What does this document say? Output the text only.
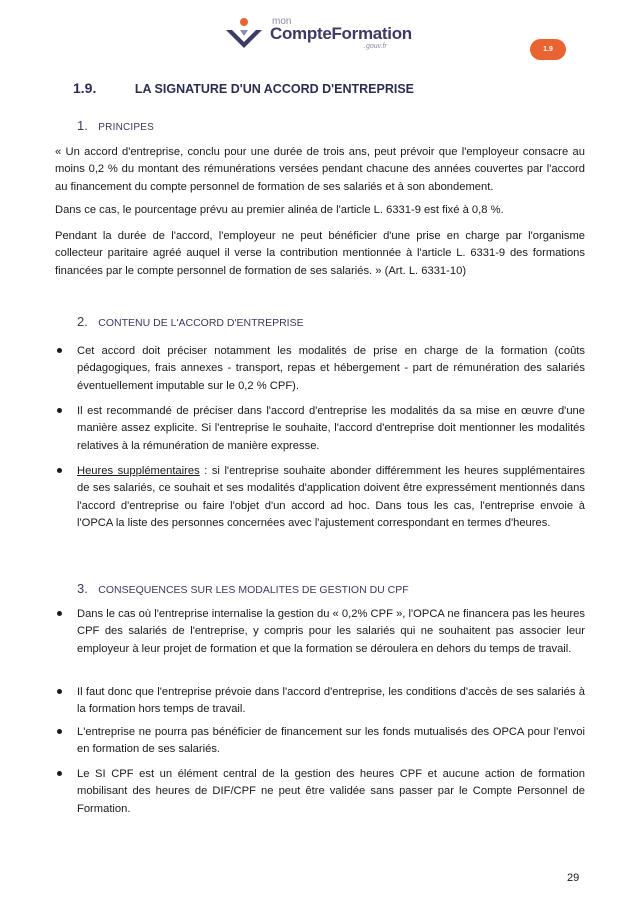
mon
CompteFormation
.gouv.fr	1.9
1.9.	LA SIGNATURE D'UN ACCORD D'ENTREPRISE
1. PRINCIPES

« Un accord d'entreprise, conclu pour une durée de trois ans, peut prévoir que l'employeur consacre au moins 0,2 % du montant des rémunérations versées pendant chacune des années couvertes par l'accord au financement du compte personnel de formation de ses salariés et à son abondement.

Dans ce cas, le pourcentage prévu au premier alinéa de l'article L. 6331-9 est fixé à 0,8 %.

Pendant la durée de l'accord, l'employeur ne peut bénéficier d'une prise en charge par l'organisme collecteur paritaire agréé auquel il verse la contribution mentionnée à l'article L. 6331-9 des formations financées par le compte personnel de formation de ses salariés. » (Art. L. 6331-10)

2. CONTENU DE L'ACCORD D'ENTREPRISE
Cet accord doit préciser notamment les modalités de prise en charge de la formation (coûts pédagogiques, frais annexes - transport, repas et hébergement - part de rémunération des salariés éventuellement imputable sur le 0,2 % CPF).
Il est recommandé de préciser dans l'accord d'entreprise les modalités da sa mise en œuvre d'une manière assez explicite. Si l'entreprise le souhaite, l'accord d'entreprise doit mentionner les modalités relatives à la rémunération de manière expresse.
Heures supplémentaires : si l'entreprise souhaite abonder différemment les heures supplémentaires de ses salariés, ce souhait et ses modalités d'application doivent être expressément mentionnés dans l'accord d'entreprise ou faire l'objet d'un accord ad hoc. Dans tous les cas, l'entreprise envoie à l'OPCA la liste des personnes concernées avec l'ajustement correspondant en termes d'heures.
3. CONSEQUENCES SUR LES MODALITES DE GESTION DU CPF
Dans le cas où l'entreprise internalise la gestion du « 0,2% CPF », l'OPCA ne financera pas les heures CPF des salariés de l'entreprise, y compris pour les salariés qui ne souhaitent pas associer leur employeur à leur projet de formation et que la formation se déroulera en dehors du temps de travail.
Il faut donc que l'entreprise prévoie dans l'accord d'entreprise, les conditions d'accès de ses salariés à la formation hors temps de travail.
L'entreprise ne pourra pas bénéficier de financement sur les fonds mutualisés des OPCA pour l'envoi en formation de ses salariés.
Le SI CPF est un élément central de la gestion des heures CPF et aucune action de formation mobilisant des heures de DIF/CPF ne peut être validée sans passer par le Compte Personnel de Formation.
29
